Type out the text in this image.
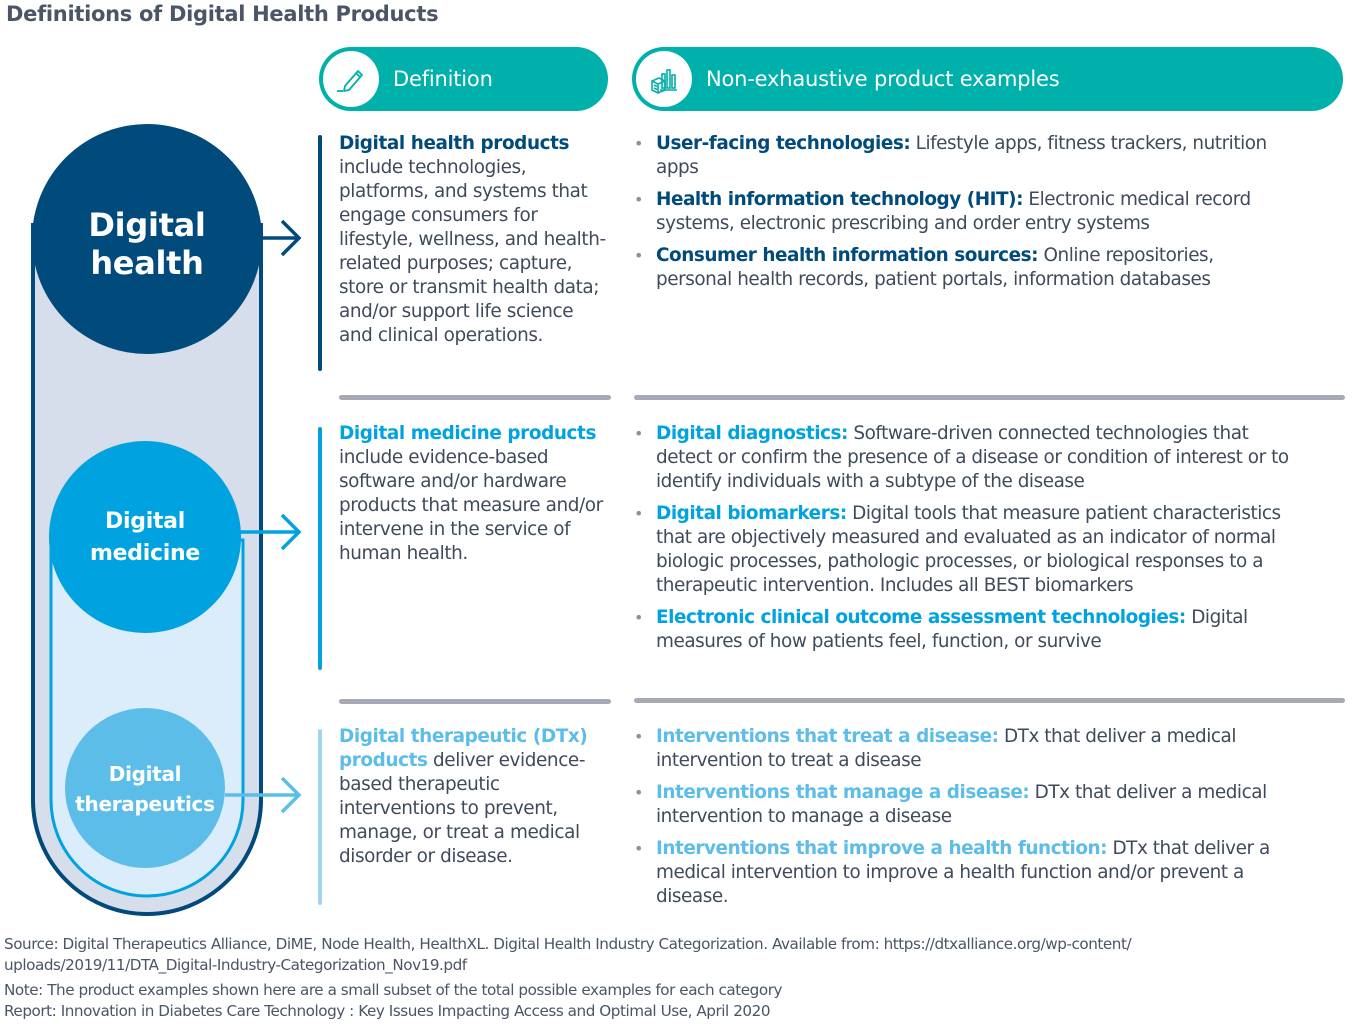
Definitions of Digital Health Products
Definition	Non-exhaustive product examples
Digital
health
Digital
medicine
Digital
therapeutics
Digital health products
include technologies, platforms, and systems that engage consumers for lifestyle, wellness, and health-related purposes; capture, store or transmit health data; and/or support life science and clinical operations.
• User-facing technologies: Lifestyle apps, fitness trackers, nutrition apps
• Health information technology (HIT): Electronic medical record systems, electronic prescribing and order entry systems
• Consumer health information sources: Online repositories, personal health records, patient portals, information databases
Digital medicine products
include evidence-based software and/or hardware products that measure and/or intervene in the service of human health.
• Digital diagnostics: Software-driven connected technologies that detect or confirm the presence of a disease or condition of interest or to identify individuals with a subtype of the disease
• Digital biomarkers: Digital tools that measure patient characteristics that are objectively measured and evaluated as an indicator of normal biologic processes, pathologic processes, or biological responses to a therapeutic intervention. Includes all BEST biomarkers
• Electronic clinical outcome assessment technologies: Digital measures of how patients feel, function, or survive
Digital therapeutic (DTx) products deliver evidence-based therapeutic interventions to prevent, manage, or treat a medical disorder or disease.
• Interventions that treat a disease: DTx that deliver a medical intervention to treat a disease
• Interventions that manage a disease: DTx that deliver a medical intervention to manage a disease
• Interventions that improve a health function: DTx that deliver a medical intervention to improve a health function and/or prevent a disease.
Source: Digital Therapeutics Alliance, DiME, Node Health, HealthXL. Digital Health Industry Categorization. Available from: https://dtxalliance.org/wp-content/ uploads/2019/11/DTA_Digital-Industry-Categorization_Nov19.pdf
Note: The product examples shown here are a small subset of the total possible examples for each category
Report: Innovation in Diabetes Care Technology : Key Issues Impacting Access and Optimal Use, April 2020
